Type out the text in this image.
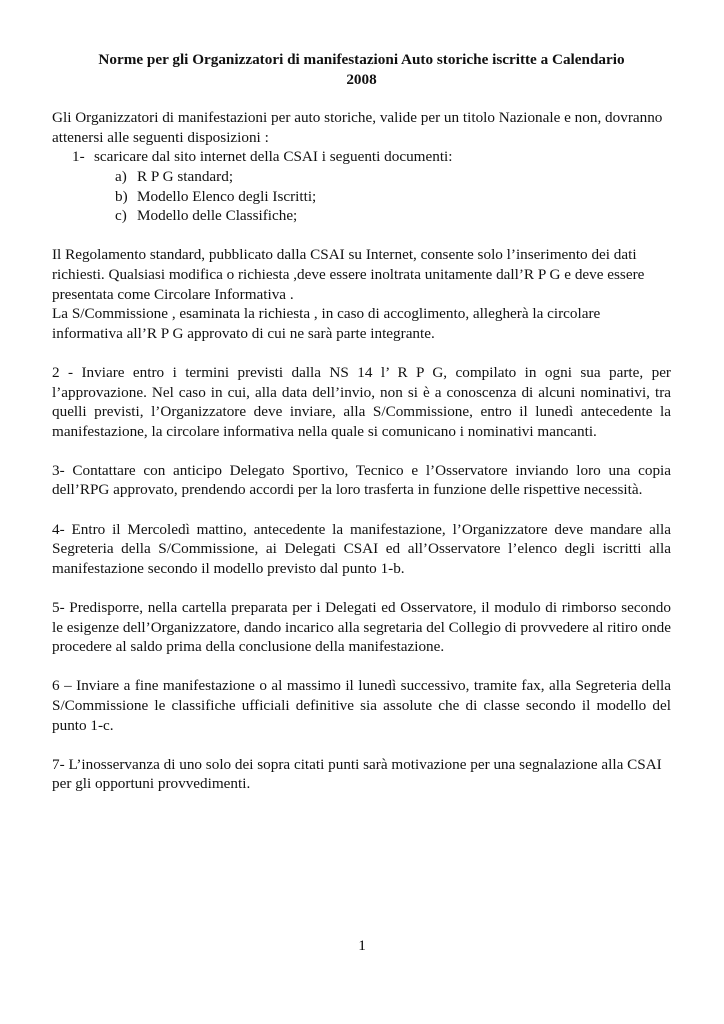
Norme per gli Organizzatori di manifestazioni Auto storiche iscritte a Calendario
2008

Gli Organizzatori di manifestazioni per auto storiche, valide per un titolo Nazionale e non, dovranno attenersi alle seguenti disposizioni :

1- scaricare dal sito internet della CSAI i seguenti documenti:
a) R P G standard;
b) Modello Elenco degli Iscritti;
c) Modello delle Classifiche;

Il Regolamento standard, pubblicato dalla CSAI su Internet, consente solo l’inserimento dei dati richiesti. Qualsiasi modifica o richiesta ,deve essere inoltrata unitamente dall’R P G e deve essere presentata come Circolare Informativa .

La S/Commissione , esaminata la richiesta , in caso di accoglimento, allegherà la circolare informativa all’R P G approvato di cui ne sarà parte integrante.

2 - Inviare entro i termini previsti dalla NS 14 l’ R P G, compilato in ogni sua parte, per l’approvazione. Nel caso in cui, alla data dell’invio, non si è a conoscenza di alcuni nominativi, tra quelli previsti, l’Organizzatore deve inviare, alla S/Commissione, entro il lunedì antecedente la manifestazione, la circolare informativa nella quale si comunicano i nominativi mancanti.

3- Contattare con anticipo Delegato Sportivo, Tecnico e l’Osservatore inviando loro una copia dell’RPG approvato, prendendo accordi per la loro trasferta in funzione delle rispettive necessità.

4- Entro il Mercoledì mattino, antecedente la manifestazione, l’Organizzatore deve mandare alla Segreteria della S/Commissione, ai Delegati CSAI ed all’Osservatore l’elenco degli iscritti alla manifestazione secondo il modello previsto dal punto 1-b.

5- Predisporre, nella cartella preparata per i Delegati ed Osservatore, il modulo di rimborso secondo le esigenze dell’Organizzatore, dando incarico alla segretaria del Collegio di provvedere al ritiro onde procedere al saldo prima della conclusione della manifestazione.

6 – Inviare a fine manifestazione o al massimo il lunedì successivo, tramite fax, alla Segreteria della S/Commissione le classifiche ufficiali definitive sia assolute che di classe secondo il modello del punto 1-c.

7- L’inosservanza di uno solo dei sopra citati punti sarà motivazione per una segnalazione alla CSAI per gli opportuni provvedimenti.

1
